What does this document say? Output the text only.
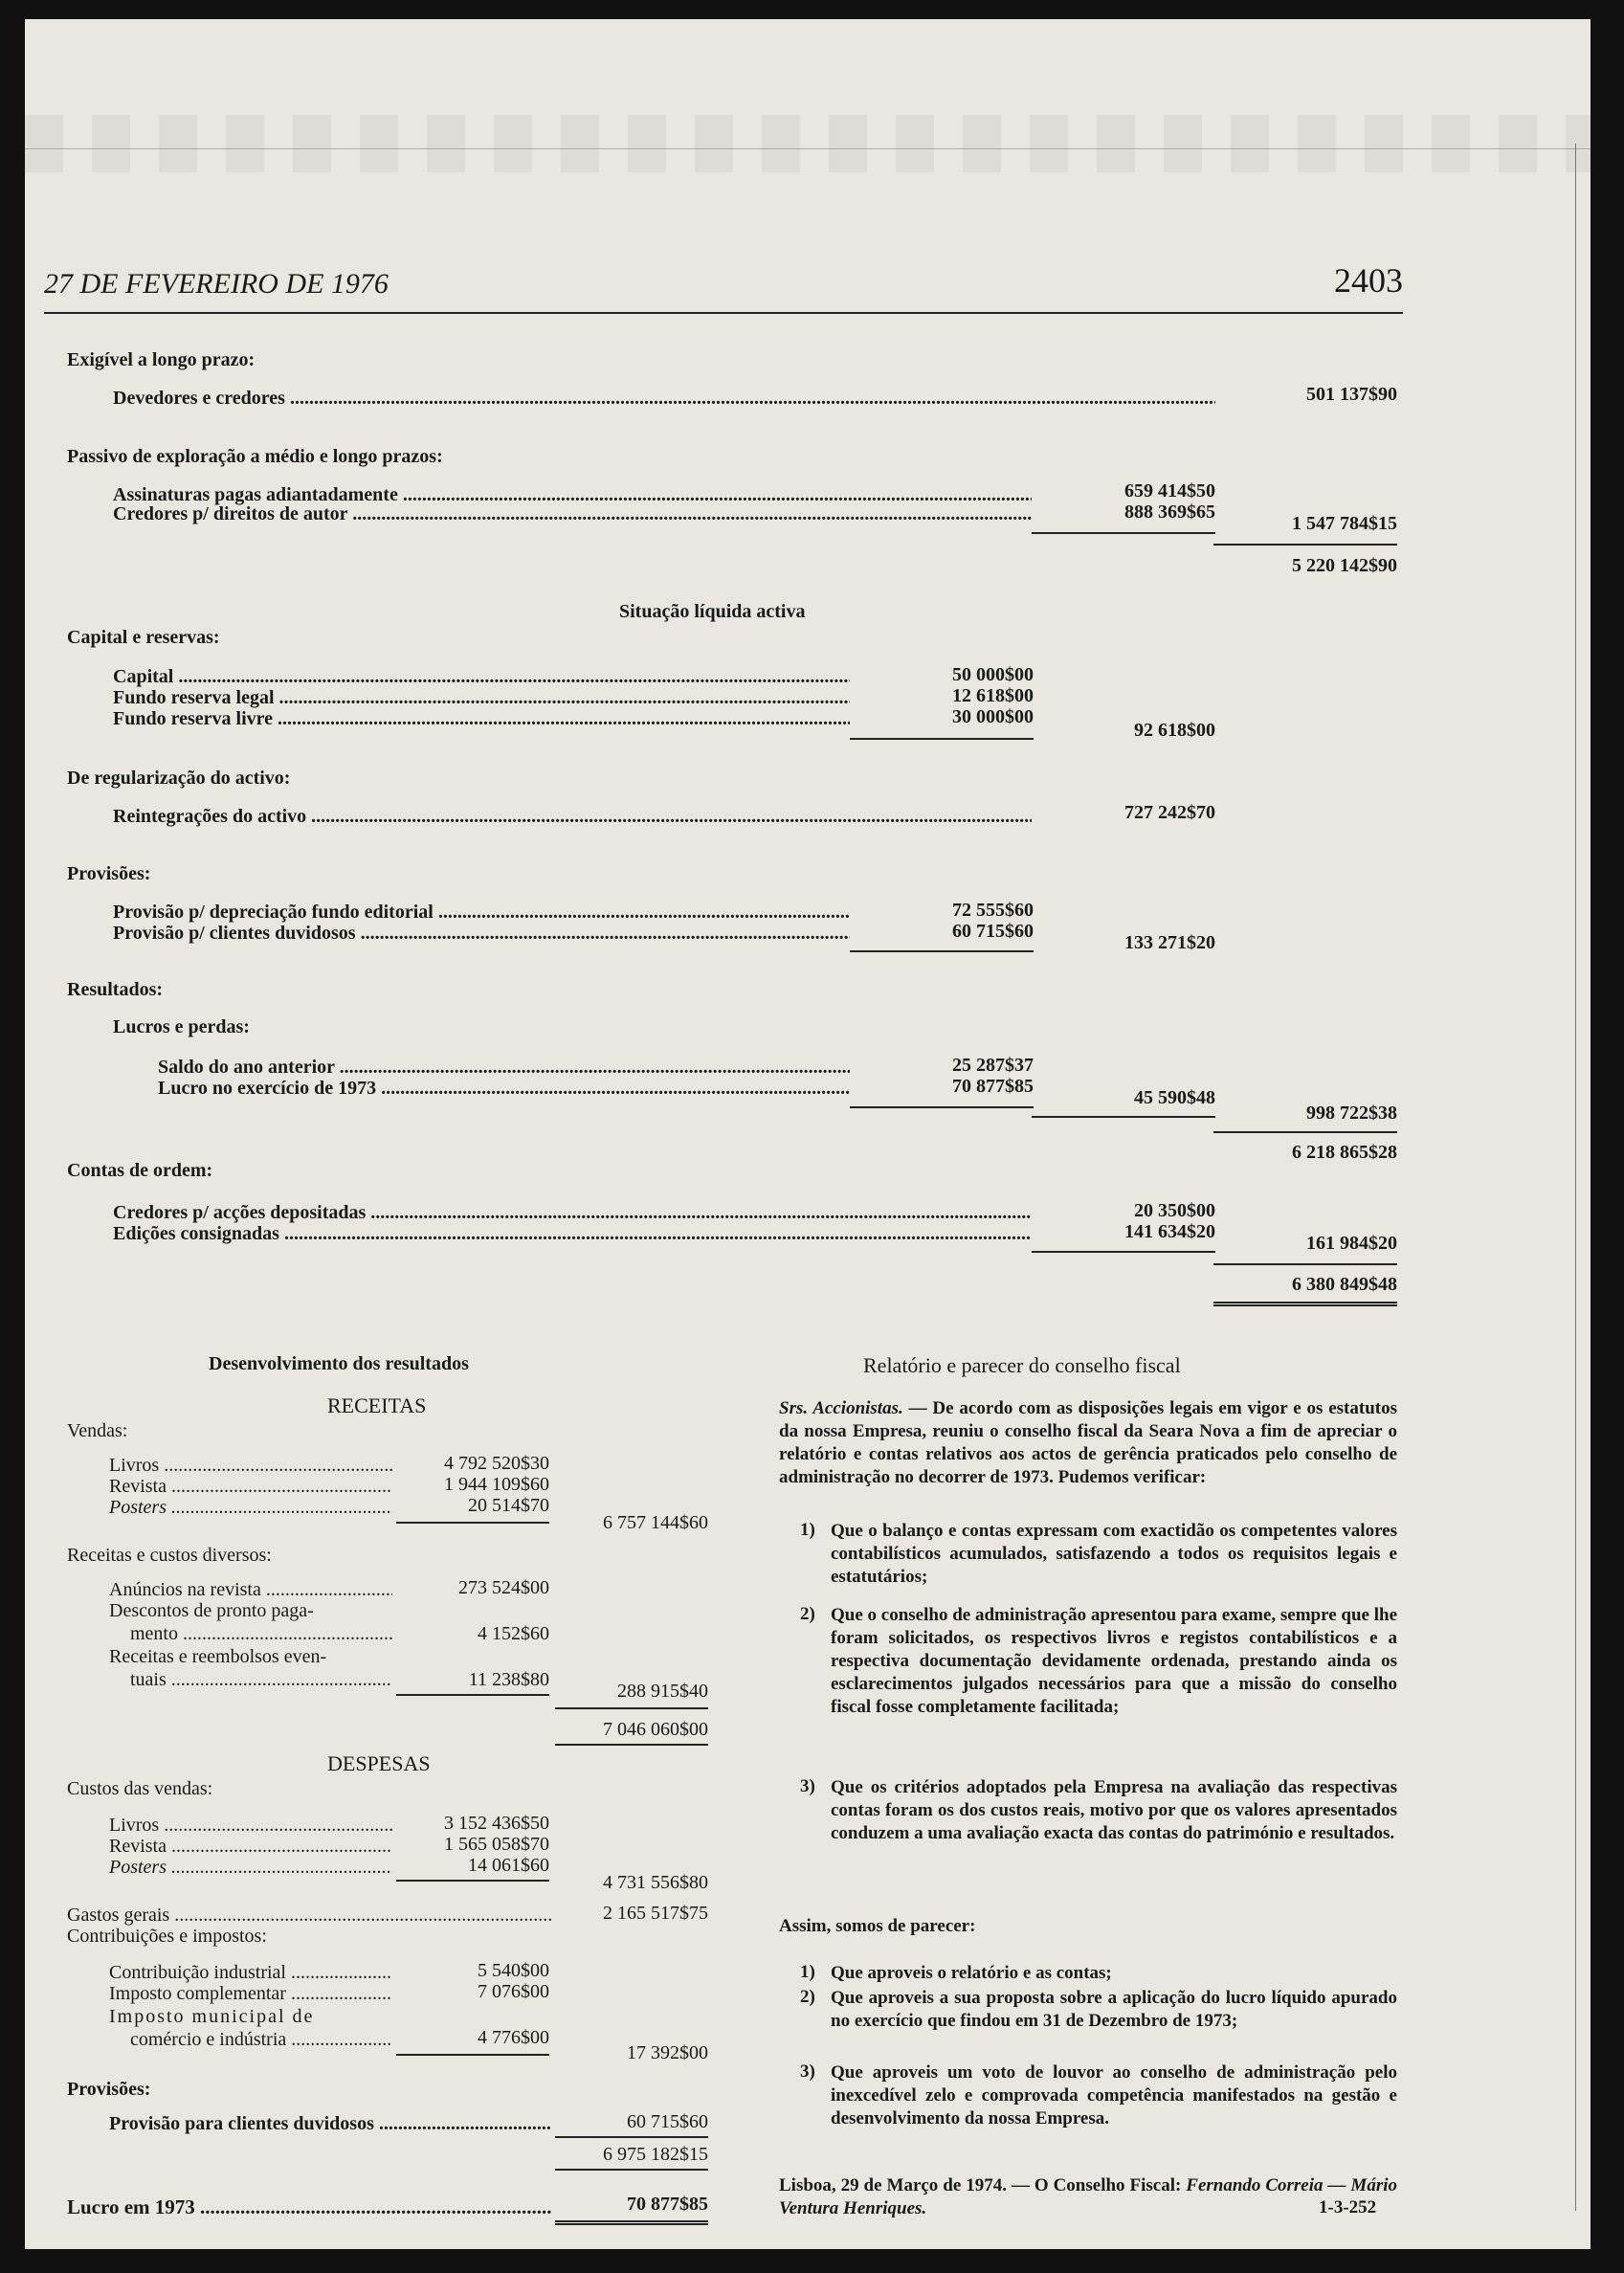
27 DE FEVEREIRO DE 1976	2403
Exigível a longo prazo:
Devedores e credores .....	501 137$90
Passivo de exploração a médio e longo prazos:
Assinaturas pagas adiantadamente .....	659 414$50
Credores p/ direitos de autor .....	888 369$65
1 547 784$15
5 220 142$90
Situação líquida activa
Capital e reservas:
Capital .....	50 000$00
Fundo reserva legal .....	12 618$00
Fundo reserva livre .....	30 000$00
92 618$00
De regularização do activo:
Reintegrações do activo .....	727 242$70
Provisões:
Provisão p/ depreciação fundo editorial .....	72 555$60
Provisão p/ clientes duvidosos .....	60 715$60
133 271$20
Resultados:
Lucros e perdas:
Saldo do ano anterior .....	25 287$37
Lucro no exercício de 1973 .....	70 877$85
45 590$48
998 722$38
6 218 865$28
Contas de ordem:
Credores p/ acções depositadas .....	20 350$00
Edições consignadas .....	141 634$20
161 984$20
6 380 849$48
Desenvolvimento dos resultados
RECEITAS
Vendas:
Livros .....	4 792 520$30
Revista .....	1 944 109$60
Posters .....	20 514$70
6 757 144$60
Receitas e custos diversos:
Anúncios na revista .....	273 524$00
Descontos de pronto paga-
mento .....	4 152$60
Receitas e reembolsos even-
tuais .....	11 238$80
288 915$40
7 046 060$00
DESPESAS
Custos das vendas:
Livros .....	3 152 436$50
Revista .....	1 565 058$70
Posters .....	14 061$60
4 731 556$80
Gastos gerais .....	2 165 517$75
Contribuições e impostos:
Contribuição industrial .....	5 540$00
Imposto complementar .....	7 076$00
Imposto municipal de
comércio e indústria .....	4 776$00
17 392$00
Provisões:
Provisão para clientes duvidosos .....	60 715$60
6 975 182$15
Lucro em 1973 .....	70 877$85
Relatório e parecer do conselho fiscal
Srs. Accionistas. — De acordo com as disposições legais em vigor e os estatutos da nossa Empresa, reuniu o conselho fiscal da Seara Nova a fim de apreciar o relatório e contas relativos aos actos de gerência praticados pelo conselho de administração no decorrer de 1973. Pudemos verificar:
1) Que o balanço e contas expressam com exactidão os competentes valores contabilísticos acumulados, satisfazendo a todos os requisitos legais e estatutários;
2) Que o conselho de administração apresentou para exame, sempre que lhe foram solicitados, os respectivos livros e registos contabilísticos e a respectiva documentação devidamente ordenada, prestando ainda os esclarecimentos julgados necessários para que a missão do conselho fiscal fosse completamente facilitada;
3) Que os critérios adoptados pela Empresa na avaliação das respectivas contas foram os dos custos reais, motivo por que os valores apresentados conduzem a uma avaliação exacta das contas do património e resultados.
Assim, somos de parecer:
1) Que aproveis o relatório e as contas;
2) Que aproveis a sua proposta sobre a aplicação do lucro líquido apurado no exercício que findou em 31 de Dezembro de 1973;
3) Que aproveis um voto de louvor ao conselho de administração pelo inexcedível zelo e comprovada competência manifestados na gestão e desenvolvimento da nossa Empresa.
Lisboa, 29 de Março de 1974. — O Conselho Fiscal: Fernando Correia — Mário Ventura Henriques.	1-3-252
